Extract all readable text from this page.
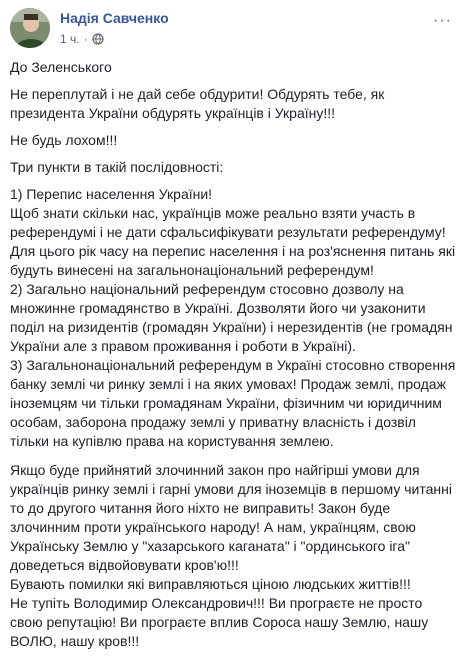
Надія Савченко
1 ч. ·
···

До Зеленського

Не переплутай і не дай себе обдурити! Обдурять тебе, як президента України обдурять українців і Україну!!!

Не будь лохом!!!

Три пункти в такій послідовності:

1) Перепис населення України!
Щоб знати скільки нас, українців може реально взяти участь в референдумі і не дати сфальсифікувати результати референдуму!
Для цього рік часу на перепис населення і на роз'яснення питань які будуть винесені на загальнонаціональний референдум!
2) Загально національний референдум стосовно дозволу на множинне громадянство в Україні. Дозволяти його чи узаконити поділ на ризидентів (громадян України) і нерезидентів (не громадян України але з правом проживання і роботи в Україні).
3) Загальнонаціональний референдум в Україні стосовно створення банку землі чи ринку землі і на яких умовах! Продаж землі, продаж іноземцям чи тільки громадянам України, фізичним чи юридичним особам, заборона продажу землі у приватну власність і дозвіл тільки на купівлю права на користування землею.

Якщо буде прийнятий злочинний закон про найгірші умови для українців ринку землі і гарні умови для іноземців в першому читанні то до другого читання його ніхто не виправить! Закон буде злочинним проти українського народу! А нам, українцям, свою Українську Землю у "хазарського каганата" і "ординського іга" доведеться відвойовувати кров'ю!!!
Бувають помилки які виправляються ціною людських життів!!!
Не тупіть Володимир Олександрович!!! Ви програєте не просто свою репутацію! Ви програєте вплив Сороса нашу Землю, нашу ВОЛЮ, нашу кров!!!
